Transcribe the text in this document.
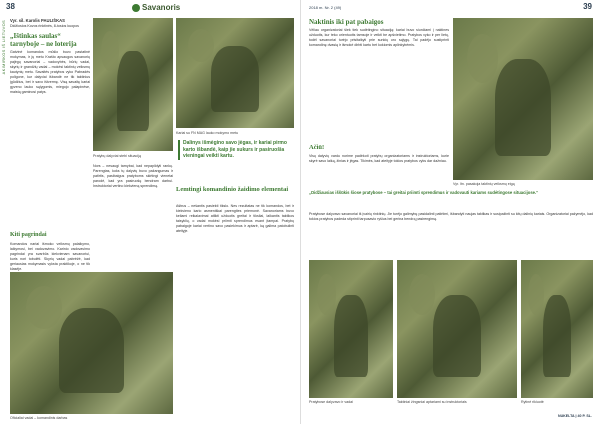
38	Savanoris
AKIMIRKOS IŠ LIETUVOS Vyr. sil. Karolis PAULIŠKAS
Didžiosios Kovos rinktinės, 8-tosios kuopos
„Ištinkas saulas“ tarnyboje – ne loterija
Gatvinė komandos mūšio buvo pastatinė mokymas, ir jų metu Krašto apsaugos savanorių pajėgų savanoriai – vadovybės, būrių vadai, skyrių ir grandžių vadai – mokėsi taktinių veiksmų kautynių metu. Savaitės pratybos vyko Pabradės poligone, kur dalyviai išbandė ne tik taktinius įgūdžius, bet ir savo ištvermę. Visą savaitę kariai gyveno lauko sąlygomis, miegojo palapinėse, maistą gaminosi patys.
Kiti pagrindai
Komandos nariai išmoko veiksmų palaikymo, laikymosi, bei vadovavimo. Karinio vadovavimo pagrindai yra svarbūs kiekvienam savanoriui, kuris nori tobulėti. Skyrių vadai pabrėžė, kad geriausias mokymasis vyksta praktikoje, o ne tik klasėje.
Pratybų dalyviai stebi situaciją
Nors – nesaugi tarnybai, kad nepapildyti rankų. Parengtas, koks tų dalyvių buvo pažangumas ir patirtis, pasibaigus pratyboms skirtingi vienetai parodė, kad yra pasiruošę bendram darbui. Instruktoriai vertino kiekvieną sprendimą.
Kariai su FN MAG lauko mokymo metu
Dalinys išmėgino savo jėgas, ir kariai pirmo karto išbandė, kaip jie sukurs ir pasiruošia vieningai veikti kartu.
Lemtingi komandinio žaidimo elementai
Aštrus – nešantis pasiekti tikslo. Nes rezultatas ne tik komandos, bet ir kiekvieno kario asmeniškai parengties priemonė. Savanoriams buvo keliami reikalavimai atlikti užduotis greitai ir tiksliai, laikantis taktikos taisyklių, o vadai mokėsi priimti sprendimus esant įtampai. Pratybų pabaigoje kariai vertino savo pasiekimus ir aptarė, ką galima patobulinti ateityje.
Oficialiai vadai – komandinis darbas
2018 m. Nr. 2 (49)	39
Naktinis iki pat pabaigos
Vėliau organizatoriai šiek tiek sudėtingino situaciją: kariai buvo siunčiami į naktines užduotis, kur teko orientuotis tamsoje ir veikti be apšvietimo. Pratybos vyko ir per lietų, todėl savanoriai turėjo prisitaikyti prie sunkių oro sąlygų. Tai padėjo sustiprinti komandinę dvasią ir išmokė dirbti kartu bet kokiomis aplinkybėmis.
Ačiū!
Visų dalyvių vardu norime padėkoti pratybų organizatoriams ir instruktoriams, kurie skyrė savo laiką, žinias ir jėgas. Tikimės, kad ateityje tokios pratybos vyks dar dažniau.
Vyr. ltn. pasakoja taktinių veiksmų eigą
„Didžiausias iššūkis šiose pratybose – tai greitai priimti sprendimus ir vadovauti kariams sudėtingose situacijose.“
Pratybose dalyvavo savanoriai iš įvairių rinktinių. Jie turėjo galimybę pasidalinti patirtimi, išbandyti naujas taktikas ir susipažinti su kitų dalinių kariais. Organizatoriai pažymėjo, kad tokios pratybos padeda stiprinti tarpusavio ryšius bei gerina bendrą pasirengimą.
Pratybose dalyvavo ir vadai	Taktiniai žingsniai aptariami su instruktoriais	Rytinė rikiuotė
NUKELTA Į 40 P. SL.
